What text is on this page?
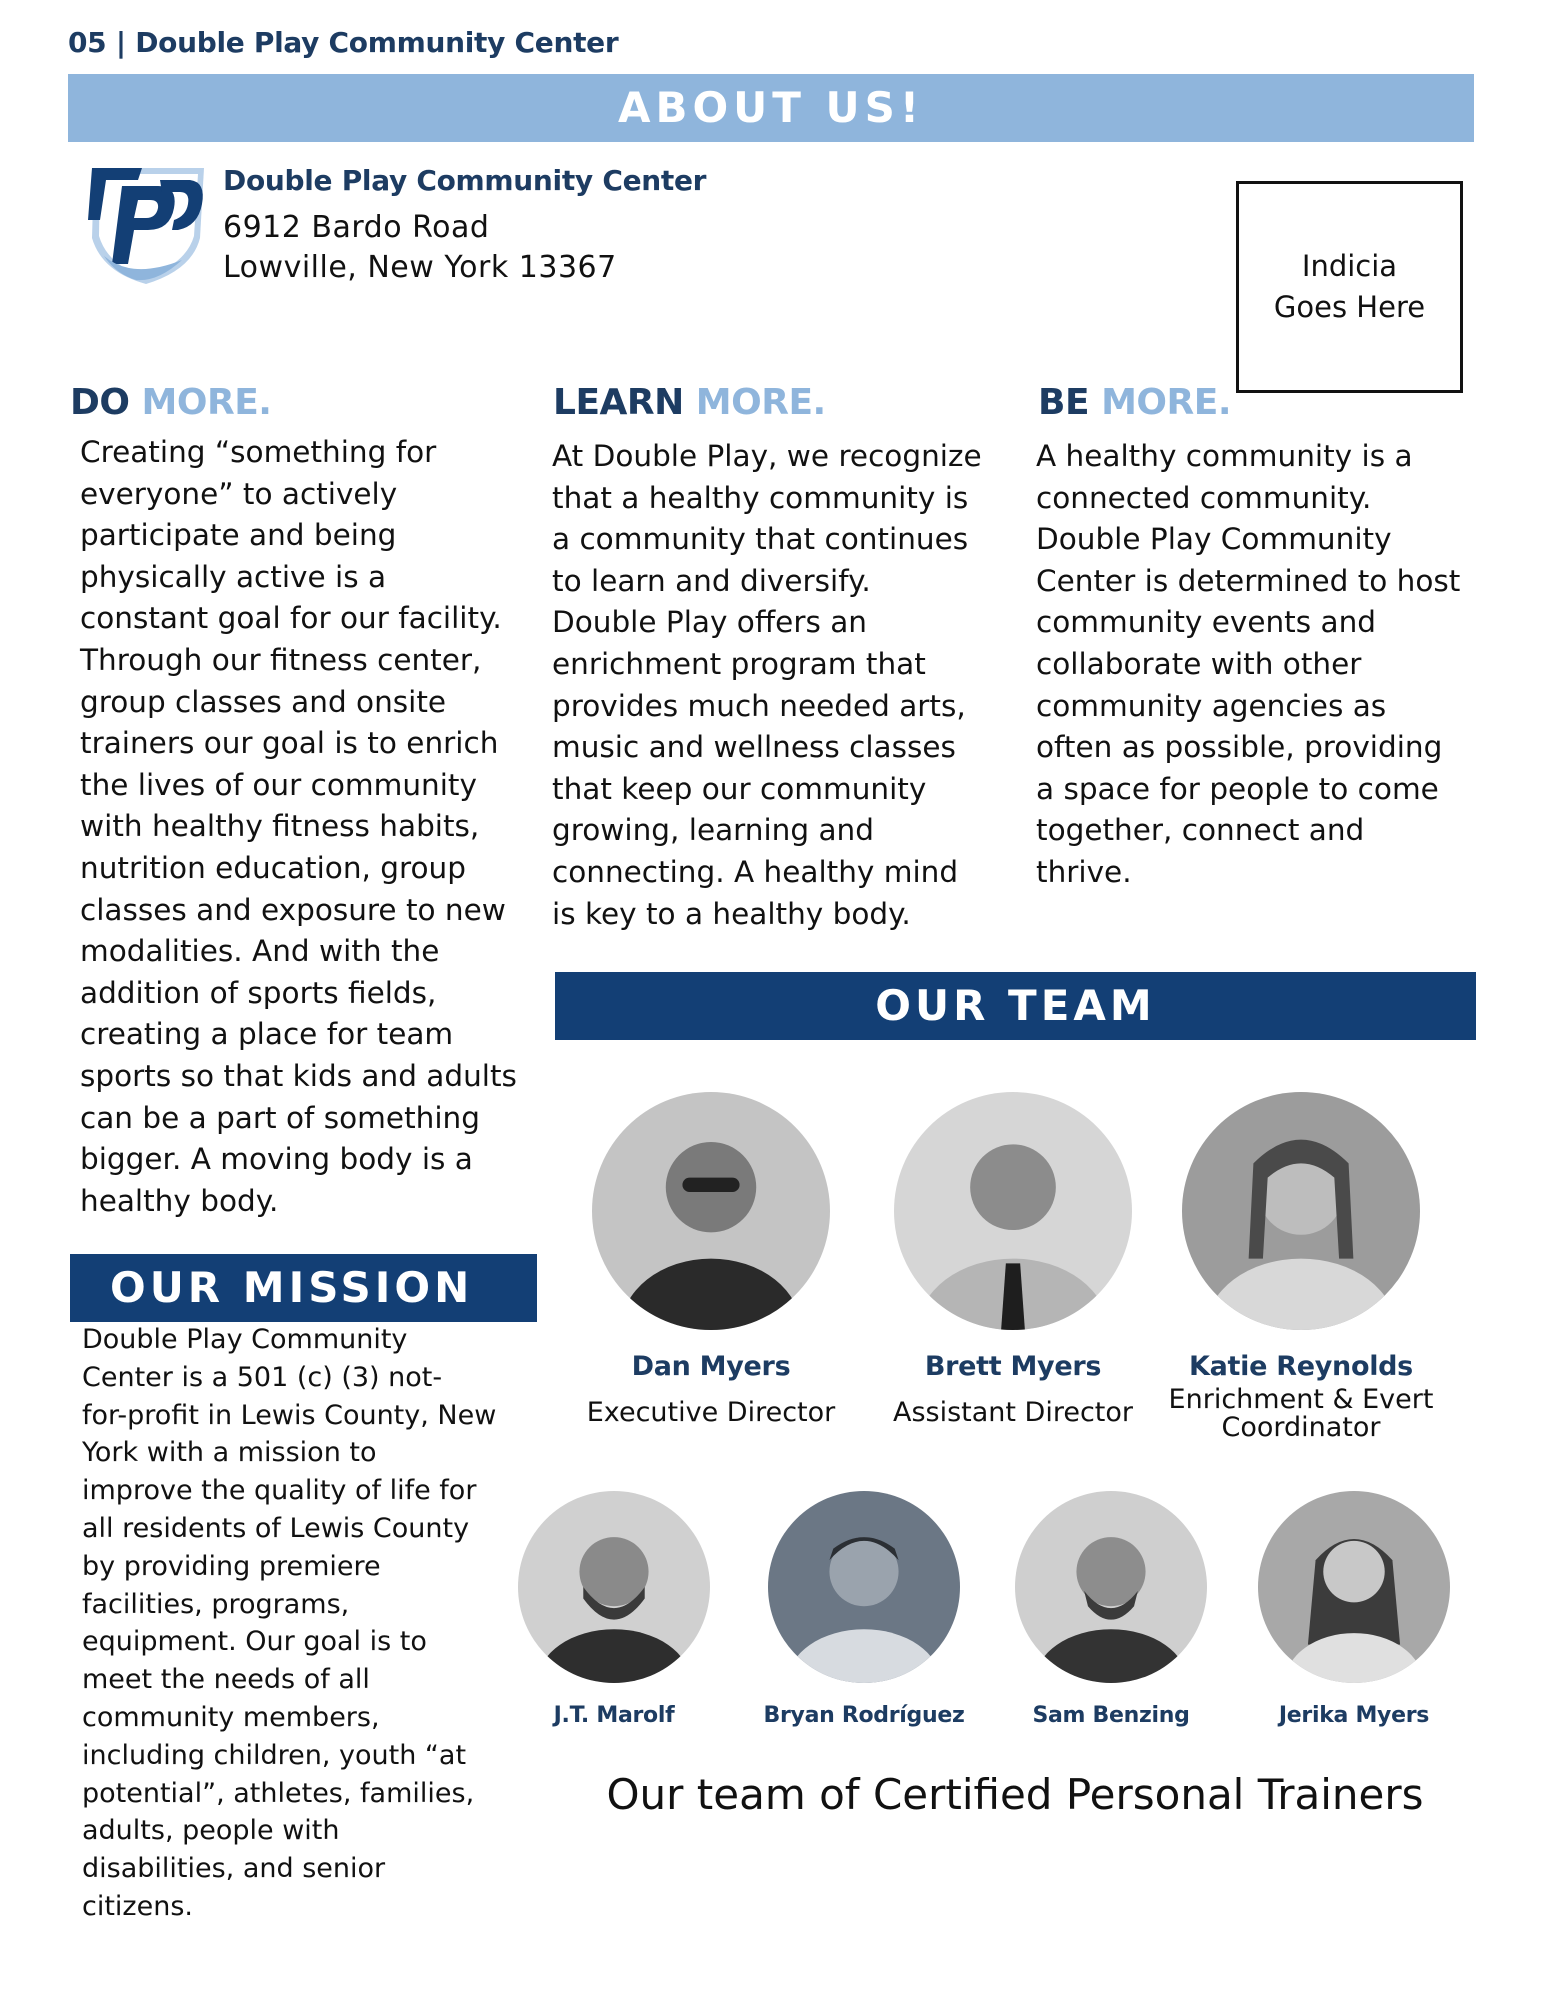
05 | Double Play Community Center
ABOUT US!
Double Play Community Center
6912 Bardo Road
Lowville, New York 13367	Indicia
Goes Here
DO MORE.
Creating “something for
everyone” to actively
participate and being
physically active is a
constant goal for our facility.
Through our fitness center,
group classes and onsite
trainers our goal is to enrich
the lives of our community
with healthy fitness habits,
nutrition education, group
classes and exposure to new
modalities. And with the
addition of sports fields,
creating a place for team
sports so that kids and adults
can be a part of something
bigger. A moving body is a
healthy body.
LEARN MORE.
At Double Play, we recognize
that a healthy community is
a community that continues
to learn and diversify.
Double Play offers an
enrichment program that
provides much needed arts,
music and wellness classes
that keep our community
growing, learning and
connecting. A healthy mind
is key to a healthy body.
BE MORE.
A healthy community is a
connected community.
Double Play Community
Center is determined to host
community events and
collaborate with other
community agencies as
often as possible, providing
a space for people to come
together, connect and
thrive.
OUR TEAM
OUR MISSION
Double Play Community
Center is a 501 (c) (3) not-
for-profit in Lewis County, New
York with a mission to
improve the quality of life for
all residents of Lewis County
by providing premiere
facilities, programs,
equipment. Our goal is to
meet the needs of all
community members,
including children, youth “at
potential”, athletes, families,
adults, people with
disabilities, and senior
citizens.
Dan Myers
Executive Director
Brett Myers
Assistant Director
Katie Reynolds
Enrichment & Evert
Coordinator
J.T. Marolf	Bryan Rodríguez	Sam Benzing	Jerika Myers
Our team of Certified Personal Trainers
